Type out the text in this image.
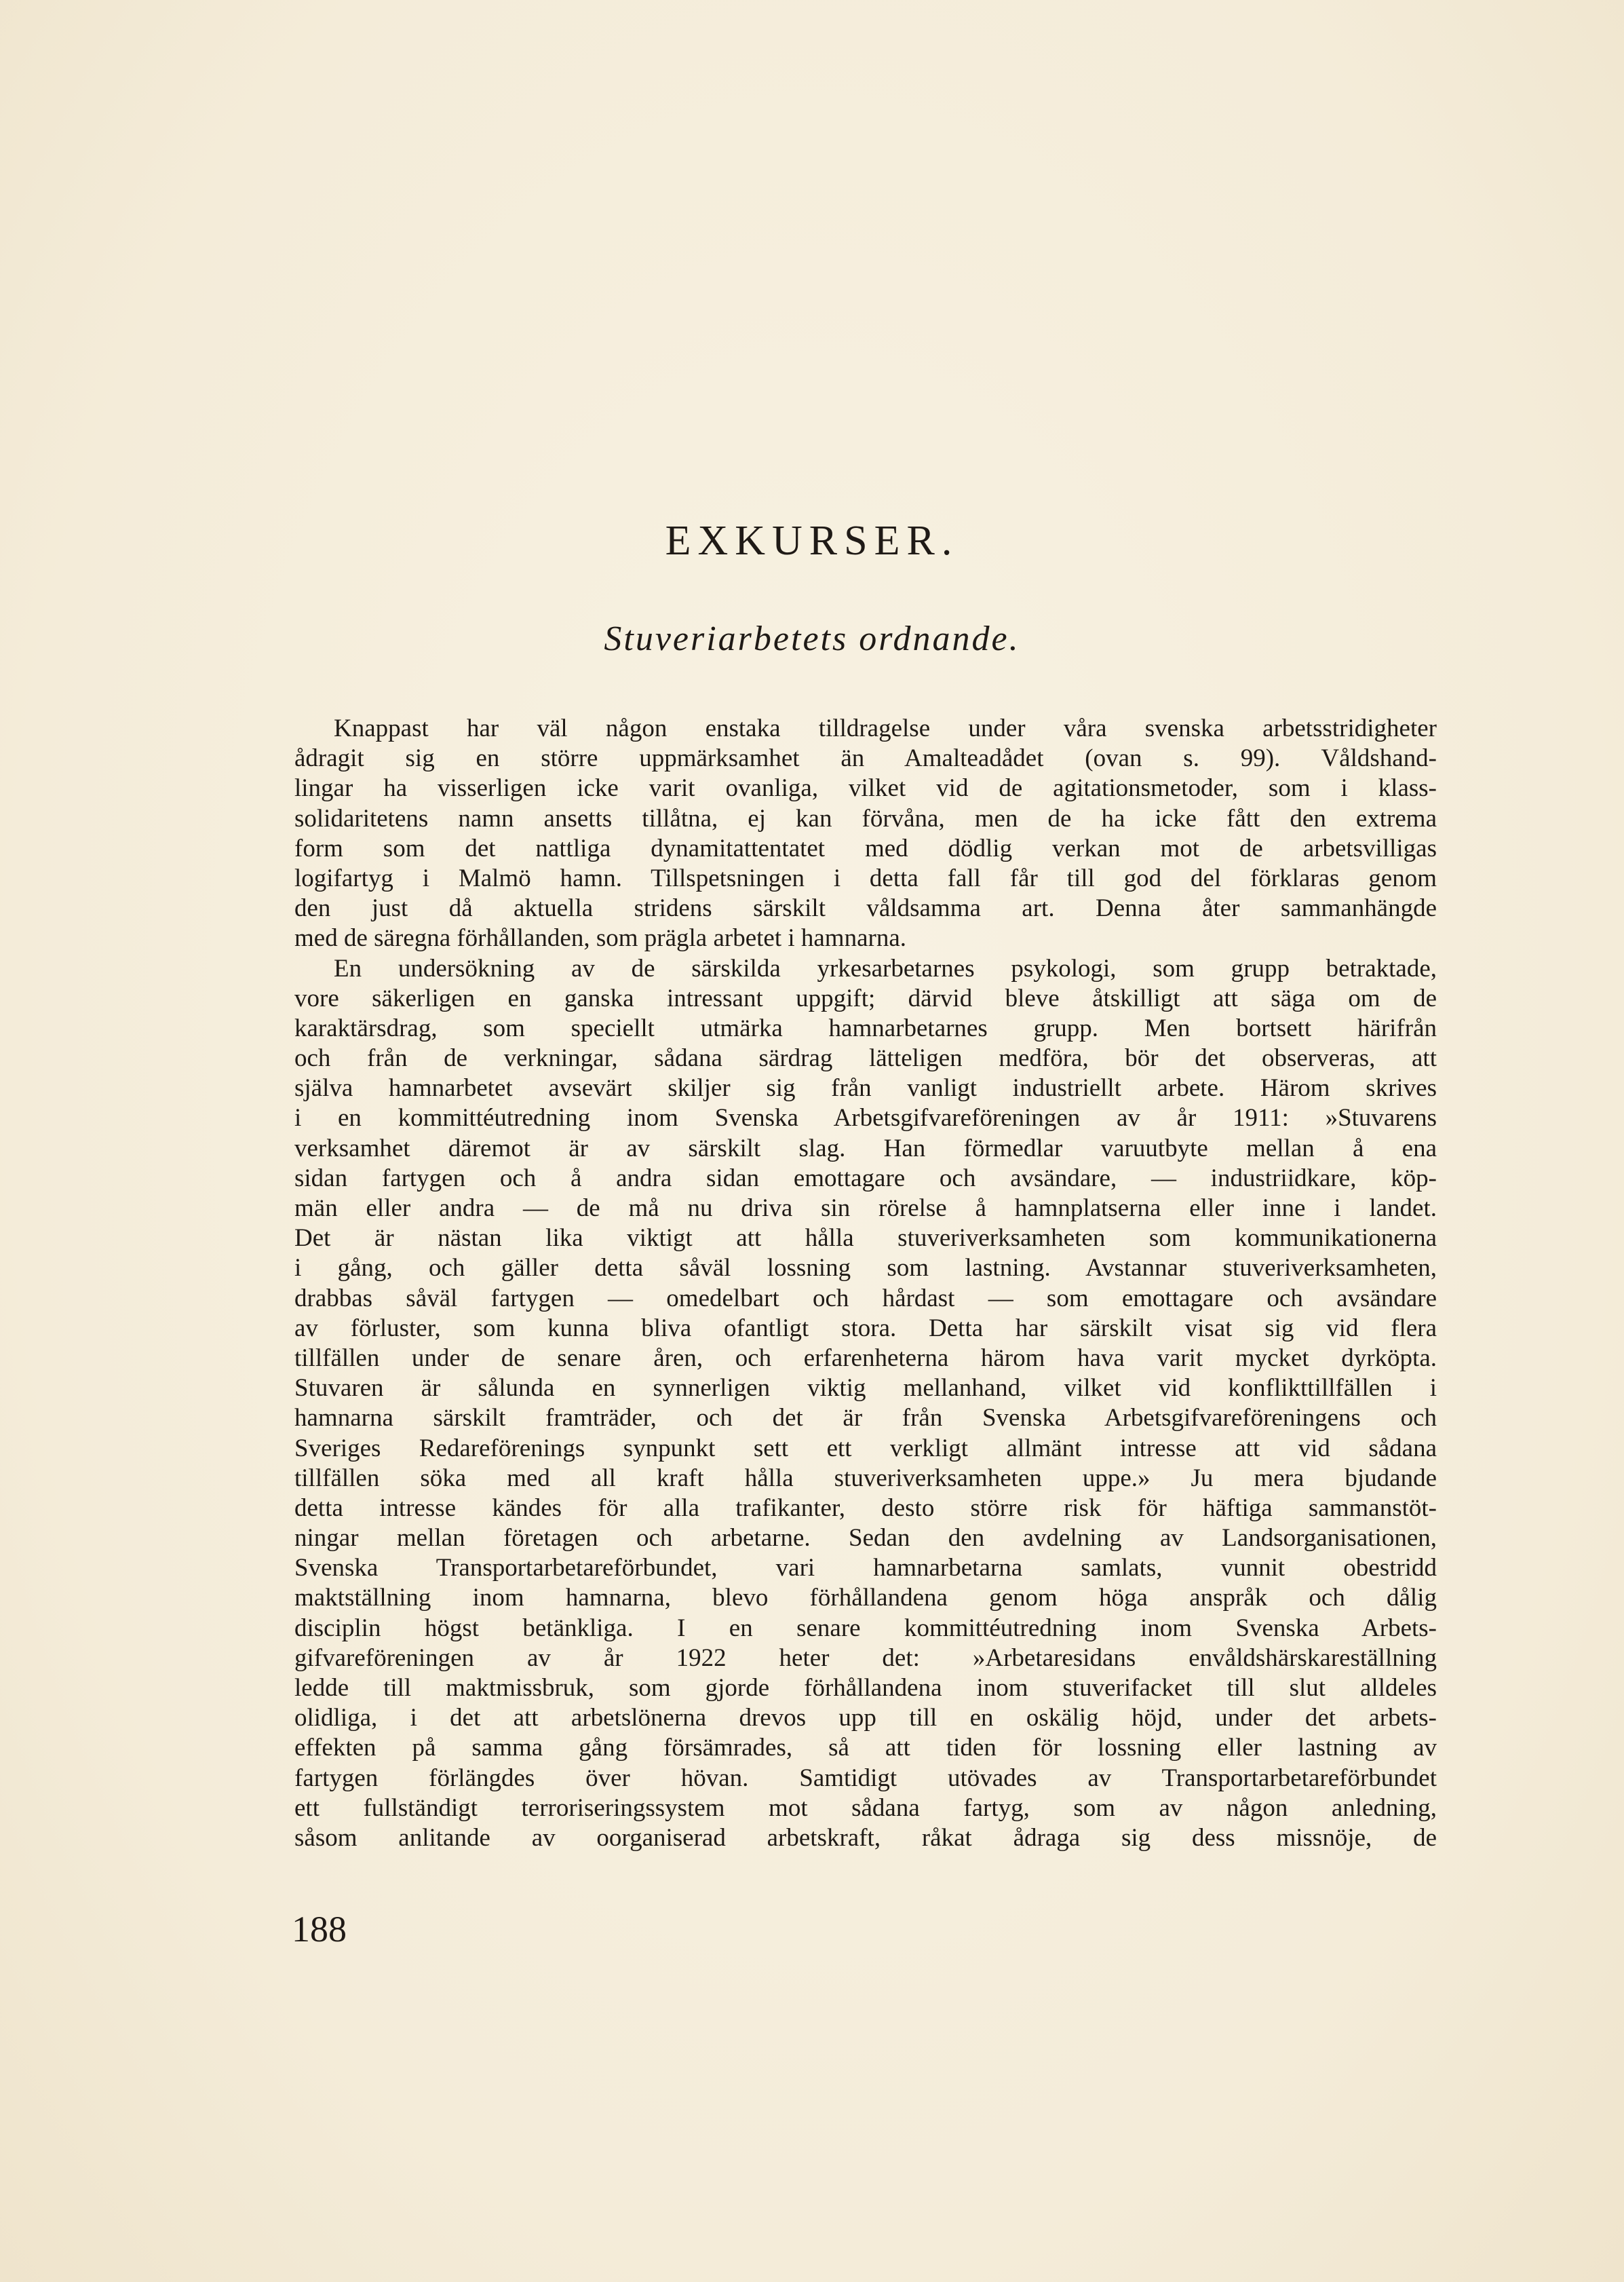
EXKURSER.
Stuveriarbetets ordnande.
Knappast har väl någon enstaka tilldragelse under våra svenska arbetsstridigheter
ådragit sig en större uppmärksamhet än Amalteadådet (ovan s. 99). Våldshand-
lingar ha visserligen icke varit ovanliga, vilket vid de agitationsmetoder, som i klass-
solidaritetens namn ansetts tillåtna, ej kan förvåna, men de ha icke fått den extrema
form som det nattliga dynamitattentatet med dödlig verkan mot de arbetsvilligas
logifartyg i Malmö hamn. Tillspetsningen i detta fall får till god del förklaras genom
den just då aktuella stridens särskilt våldsamma art. Denna åter sammanhängde
med de säregna förhållanden, som prägla arbetet i hamnarna.
En undersökning av de särskilda yrkesarbetarnes psykologi, som grupp betraktade,
vore säkerligen en ganska intressant uppgift; därvid bleve åtskilligt att säga om de
karaktärsdrag, som speciellt utmärka hamnarbetarnes grupp. Men bortsett härifrån
och från de verkningar, sådana särdrag lätteligen medföra, bör det observeras, att
själva hamnarbetet avsevärt skiljer sig från vanligt industriellt arbete. Härom skrives
i en kommittéutredning inom Svenska Arbetsgifvareföreningen av år 1911: »Stuvarens
verksamhet däremot är av särskilt slag. Han förmedlar varuutbyte mellan å ena
sidan fartygen och å andra sidan emottagare och avsändare, — industriidkare, köp-
män eller andra — de må nu driva sin rörelse å hamnplatserna eller inne i landet.
Det är nästan lika viktigt att hålla stuveriverksamheten som kommunikationerna
i gång, och gäller detta såväl lossning som lastning. Avstannar stuveriverksamheten,
drabbas såväl fartygen — omedelbart och hårdast — som emottagare och avsändare
av förluster, som kunna bliva ofantligt stora. Detta har särskilt visat sig vid flera
tillfällen under de senare åren, och erfarenheterna härom hava varit mycket dyrköpta.
Stuvaren är sålunda en synnerligen viktig mellanhand, vilket vid konflikttillfällen i
hamnarna särskilt framträder, och det är från Svenska Arbetsgifvareföreningens och
Sveriges Redareförenings synpunkt sett ett verkligt allmänt intresse att vid sådana
tillfällen söka med all kraft hålla stuveriverksamheten uppe.» Ju mera bjudande
detta intresse kändes för alla trafikanter, desto större risk för häftiga sammanstöt-
ningar mellan företagen och arbetarne. Sedan den avdelning av Landsorganisationen,
Svenska Transportarbetareförbundet, vari hamnarbetarna samlats, vunnit obestridd
maktställning inom hamnarna, blevo förhållandena genom höga anspråk och dålig
disciplin högst betänkliga. I en senare kommittéutredning inom Svenska Arbets-
gifvareföreningen av år 1922 heter det: »Arbetaresidans envåldshärskareställning
ledde till maktmissbruk, som gjorde förhållandena inom stuverifacket till slut alldeles
olidliga, i det att arbetslönerna drevos upp till en oskälig höjd, under det arbets-
effekten på samma gång försämrades, så att tiden för lossning eller lastning av
fartygen förlängdes över hövan. Samtidigt utövades av Transportarbetareförbundet
ett fullständigt terroriseringssystem mot sådana fartyg, som av någon anledning,
såsom anlitande av oorganiserad arbetskraft, råkat ådraga sig dess missnöje, de
188
